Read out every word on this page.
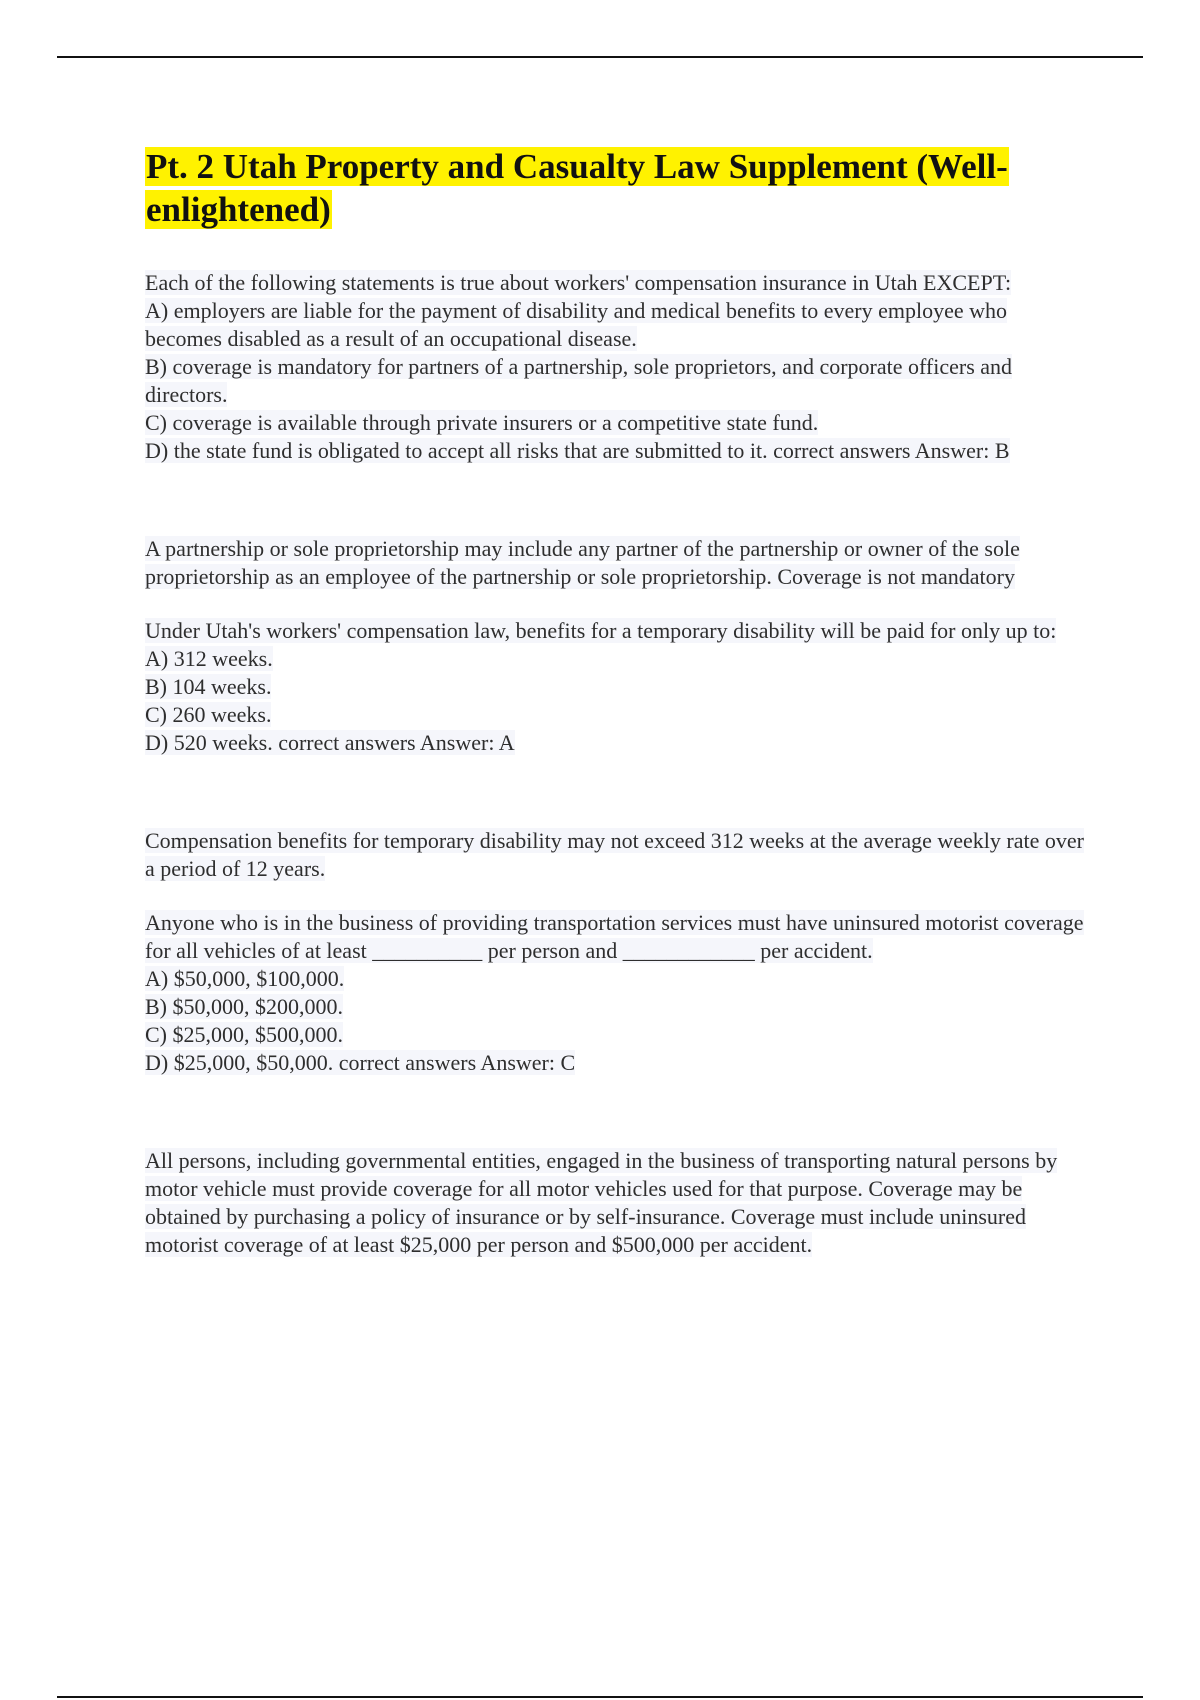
Pt. 2 Utah Property and Casualty Law Supplement (Well-enlightened)

Each of the following statements is true about workers' compensation insurance in Utah EXCEPT:

A) employers are liable for the payment of disability and medical benefits to every employee who becomes disabled as a result of an occupational disease.
B) coverage is mandatory for partners of a partnership, sole proprietors, and corporate officers and directors.
C) coverage is available through private insurers or a competitive state fund.
D) the state fund is obligated to accept all risks that are submitted to it. correct answers Answer: B

A partnership or sole proprietorship may include any partner of the partnership or owner of the sole proprietorship as an employee of the partnership or sole proprietorship. Coverage is not mandatory

Under Utah's workers' compensation law, benefits for a temporary disability will be paid for only up to:

A) 312 weeks.
B) 104 weeks.
C) 260 weeks.
D) 520 weeks. correct answers Answer: A

Compensation benefits for temporary disability may not exceed 312 weeks at the average weekly rate over a period of 12 years.

Anyone who is in the business of providing transportation services must have uninsured motorist coverage for all vehicles of at least __________ per person and ____________ per accident.

A) $50,000, $100,000.
B) $50,000, $200,000.
C) $25,000, $500,000.
D) $25,000, $50,000. correct answers Answer: C

All persons, including governmental entities, engaged in the business of transporting natural persons by motor vehicle must provide coverage for all motor vehicles used for that purpose. Coverage may be obtained by purchasing a policy of insurance or by self-insurance. Coverage must include uninsured motorist coverage of at least $25,000 per person and $500,000 per accident.
